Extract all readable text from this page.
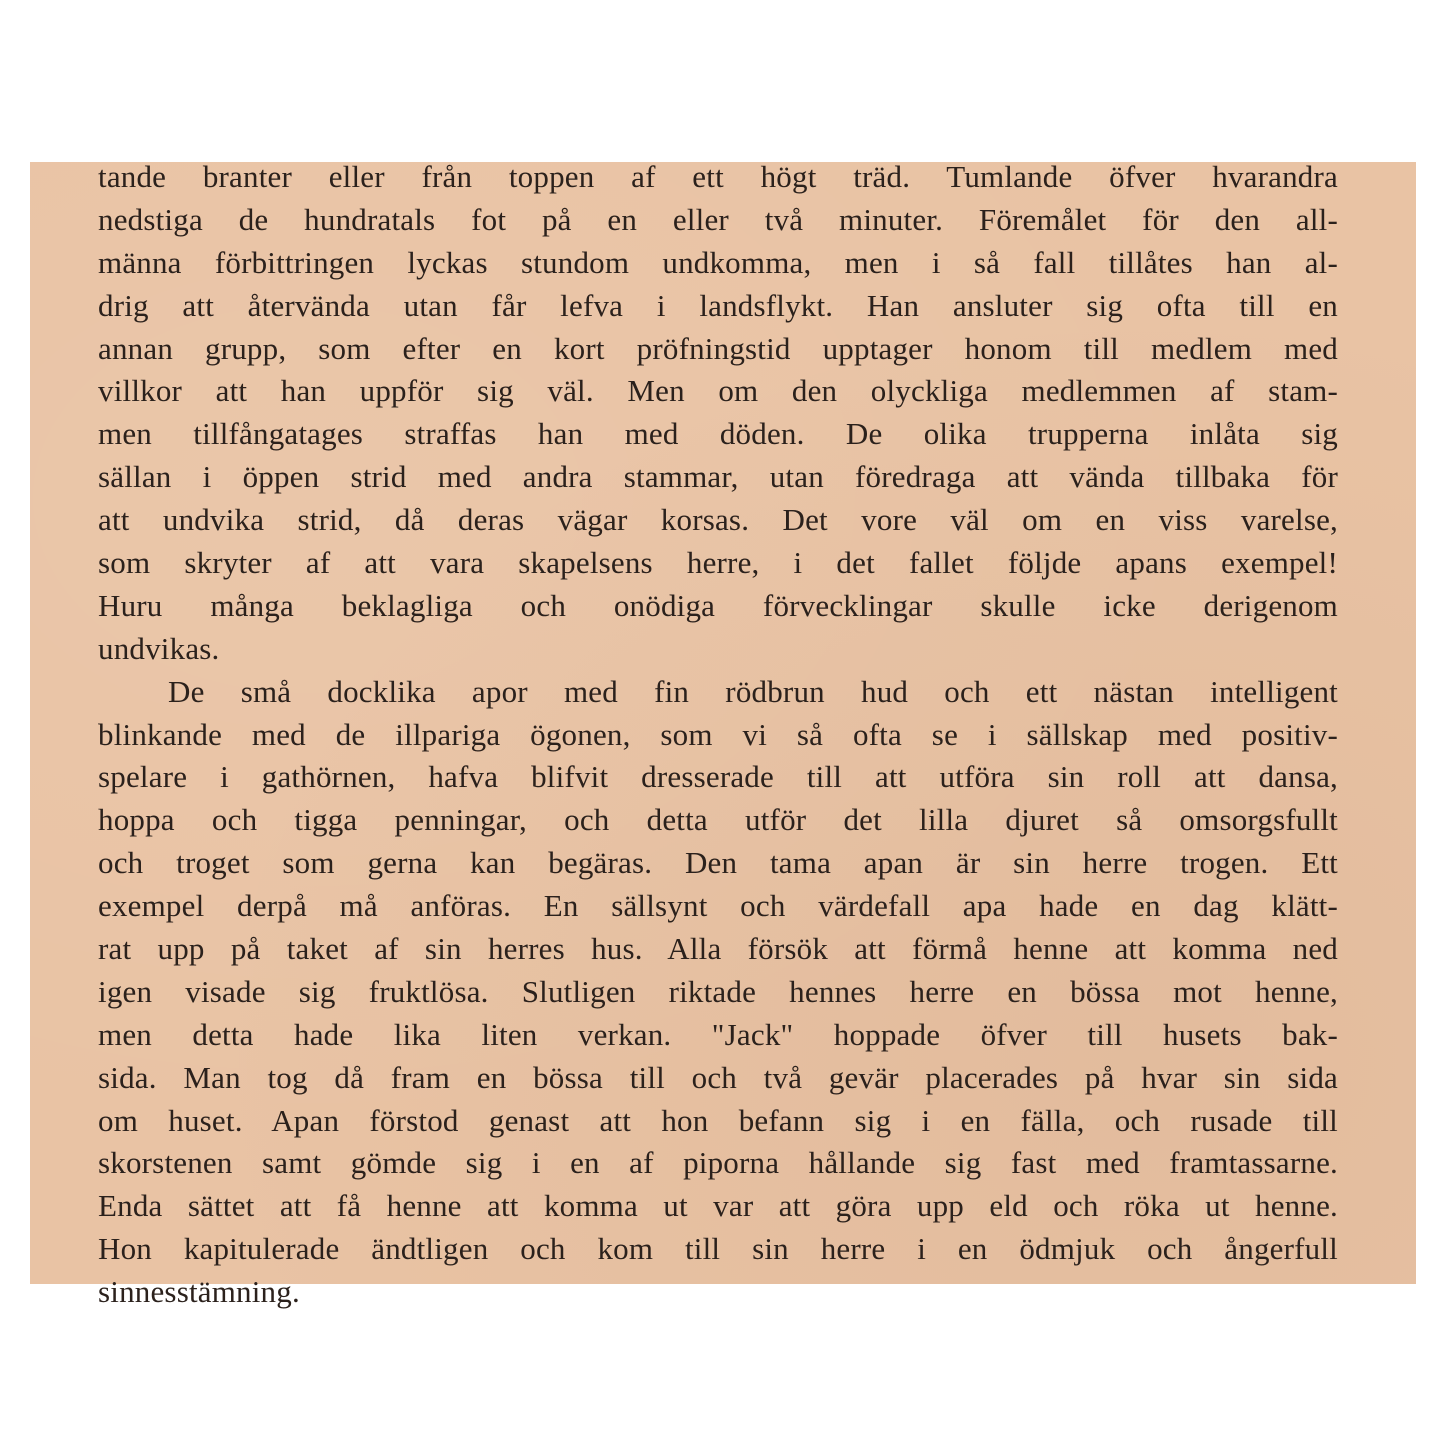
tande branter eller från toppen af ett högt träd. Tumlande öfver hvarandra
nedstiga de hundratals fot på en eller två minuter. Föremålet för den all-
männa förbittringen lyckas stundom undkomma, men i så fall tillåtes han al-
drig att återvända utan får lefva i landsflykt. Han ansluter sig ofta till en
annan grupp, som efter en kort pröfningstid upptager honom till medlem med
villkor att han uppför sig väl. Men om den olyckliga medlemmen af stam-
men tillfångatages straffas han med döden. De olika trupperna inlåta sig
sällan i öppen strid med andra stammar, utan föredraga att vända tillbaka för
att undvika strid, då deras vägar korsas. Det vore väl om en viss varelse,
som skryter af att vara skapelsens herre, i det fallet följde apans exempel!
Huru många beklagliga och onödiga förvecklingar skulle icke derigenom
undvikas.
De små docklika apor med fin rödbrun hud och ett nästan intelligent
blinkande med de illpariga ögonen, som vi så ofta se i sällskap med positiv-
spelare i gathörnen, hafva blifvit dresserade till att utföra sin roll att dansa,
hoppa och tigga penningar, och detta utför det lilla djuret så omsorgsfullt
och troget som gerna kan begäras. Den tama apan är sin herre trogen. Ett
exempel derpå må anföras. En sällsynt och värdefall apa hade en dag klätt-
rat upp på taket af sin herres hus. Alla försök att förmå henne att komma ned
igen visade sig fruktlösa. Slutligen riktade hennes herre en bössa mot henne,
men detta hade lika liten verkan. "Jack" hoppade öfver till husets bak-
sida. Man tog då fram en bössa till och två gevär placerades på hvar sin sida
om huset. Apan förstod genast att hon befann sig i en fälla, och rusade till
skorstenen samt gömde sig i en af piporna hållande sig fast med framtassarne.
Enda sättet att få henne att komma ut var att göra upp eld och röka ut henne.
Hon kapitulerade ändtligen och kom till sin herre i en ödmjuk och ångerfull
sinnesstämning.
